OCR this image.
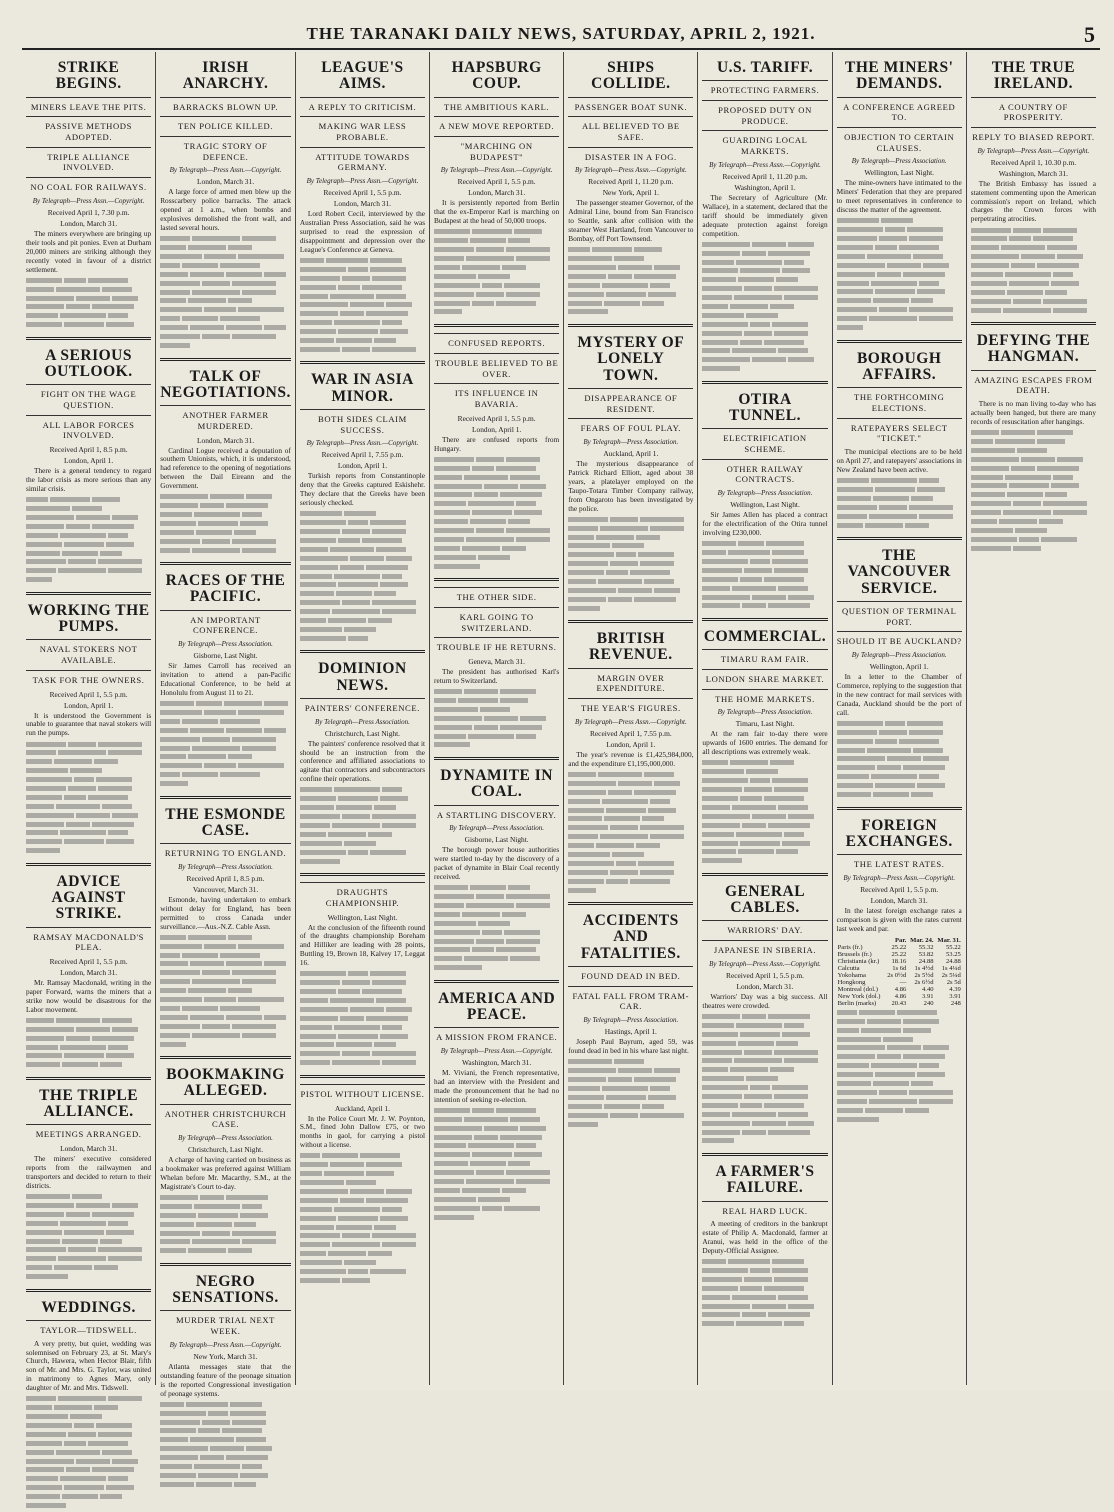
THE TARANAKI DAILY NEWS, SATURDAY, APRIL 2, 1921.	5
STRIKE BEGINS.
MINERS LEAVE THE PITS.
PASSIVE METHODS ADOPTED.
TRIPLE ALLIANCE INVOLVED.
NO COAL FOR RAILWAYS.
By Telegraph—Press Assn.—Copyright.
Received April 1, 7.30 p.m.
London, March 31.

The miners everywhere are bringing up their tools and pit ponies. Even at Durham 20,000 miners are striking although they recently voted in favour of a district settlement.

A SERIOUS OUTLOOK.
FIGHT ON THE WAGE QUESTION.
ALL LABOR FORCES INVOLVED.
Received April 1, 8.5 p.m.
London, April 1.

There is a general tendency to regard the labor crisis as more serious than any similar crisis.

WORKING THE PUMPS.
NAVAL STOKERS NOT AVAILABLE.
TASK FOR THE OWNERS.
Received April 1, 5.5 p.m.
London, April 1.

It is understood the Government is unable to guarantee that naval stokers will run the pumps.

ADVICE AGAINST STRIKE.
RAMSAY MACDONALD'S PLEA.
Received April 1, 5.5 p.m.
London, March 31.

Mr. Ramsay Macdonald, writing in the paper Forward, warns the miners that a strike now would be disastrous for the Labor movement.

THE TRIPLE ALLIANCE.
MEETINGS ARRANGED.
London, March 31.

The miners' executive considered reports from the railwaymen and transporters and decided to return to their districts.

WEDDINGS.
TAYLOR—TIDSWELL.

A very pretty, but quiet, wedding was solemnised on February 23, at St. Mary's Church, Hawera, when Hector Blair, fifth son of Mr. and Mrs. G. Taylor, was united in matrimony to Agnes Mary, only daughter of Mr. and Mrs. Tidswell.

IRISH ANARCHY.
BARRACKS BLOWN UP.
TEN POLICE KILLED.
TRAGIC STORY OF DEFENCE.
By Telegraph—Press Assn.—Copyright.
London, March 31.

A large force of armed men blew up the Rosscarbery police barracks. The attack opened at 1 a.m., when bombs and explosives demolished the front wall, and lasted several hours.

TALK OF NEGOTIATIONS.
ANOTHER FARMER MURDERED.
London, March 31.

Cardinal Logue received a deputation of southern Unionists, which, it is understood, had reference to the opening of negotiations between the Dail Eireann and the Government.

RACES OF THE PACIFIC.
AN IMPORTANT CONFERENCE.
By Telegraph—Press Association.
Gisborne, Last Night.

Sir James Carroll has received an invitation to attend a pan-Pacific Educational Conference, to be held at Honolulu from August 11 to 21.

THE ESMONDE CASE.
RETURNING TO ENGLAND.
By Telegraph—Press Association.
Received April 1, 8.5 p.m.
Vancouver, March 31.

Esmonde, having undertaken to embark without delay for England, has been permitted to cross Canada under surveillance.—Aus.-N.Z. Cable Assn.

BOOKMAKING ALLEGED.
ANOTHER CHRISTCHURCH CASE.
By Telegraph—Press Association.
Christchurch, Last Night.

A charge of having carried on business as a bookmaker was preferred against William Whelan before Mr. Macarthy, S.M., at the Magistrate's Court to-day.

NEGRO SENSATIONS.
MURDER TRIAL NEXT WEEK.
By Telegraph—Press Assn.—Copyright.
New York, March 31.

Atlanta messages state that the outstanding feature of the peonage situation is the reported Congressional investigation of peonage systems.

LEAGUE'S AIMS.
A REPLY TO CRITICISM.
MAKING WAR LESS PROBABLE.
ATTITUDE TOWARDS GERMANY.
By Telegraph—Press Assn.—Copyright.
Received April 1, 5.5 p.m.
London, March 31.

Lord Robert Cecil, interviewed by the Australian Press Association, said he was surprised to read the expression of disappointment and depression over the League's Conference at Geneva.

WAR IN ASIA MINOR.
BOTH SIDES CLAIM SUCCESS.
By Telegraph—Press Assn.—Copyright.
Received April 1, 7.55 p.m.
London, April 1.

Turkish reports from Constantinople deny that the Greeks captured Eskishehr. They declare that the Greeks have been seriously checked.

DOMINION NEWS.
PAINTERS' CONFERENCE.
By Telegraph—Press Association.
Christchurch, Last Night.

The painters' conference resolved that it should be an instruction from the conference and affiliated associations to agitate that contractors and subcontractors confine their operations.

DRAUGHTS CHAMPIONSHIP.
Wellington, Last Night.

At the conclusion of the fifteenth round of the draughts championship Boreham and Hilliker are leading with 28 points, Buttling 19, Brown 18, Kalvey 17, Leggat 16.

PISTOL WITHOUT LICENSE.
Auckland, April 1.

In the Police Court Mr. J. W. Poynton, S.M., fined John Dallow £75, or two months in gaol, for carrying a pistol without a license.

HAPSBURG COUP.
THE AMBITIOUS KARL.
A NEW MOVE REPORTED.
"MARCHING ON BUDAPEST"
By Telegraph—Press Assn.—Copyright.
Received April 1, 5.5 p.m.
London, March 31.

It is persistently reported from Berlin that the ex-Emperor Karl is marching on Budapest at the head of 50,000 troops.

CONFUSED REPORTS.
TROUBLE BELIEVED TO BE OVER.
ITS INFLUENCE IN BAVARIA.
Received April 1, 5.5 p.m.
London, April 1.

There are confused reports from Hungary.

THE OTHER SIDE.
KARL GOING TO SWITZERLAND.
TROUBLE IF HE RETURNS.
Geneva, March 31.

The president has authorised Karl's return to Switzerland.

DYNAMITE IN COAL.
A STARTLING DISCOVERY.
By Telegraph—Press Association.
Gisborne, Last Night.

The borough power house authorities were startled to-day by the discovery of a packet of dynamite in Blair Coal recently received.

AMERICA AND PEACE.
A MISSION FROM FRANCE.
By Telegraph—Press Assn.—Copyright.
Washington, March 31.

M. Viviani, the French representative, had an interview with the President and made the pronouncement that he had no intention of seeking re-election.

SHIPS COLLIDE.
PASSENGER BOAT SUNK.
ALL BELIEVED TO BE SAFE.
DISASTER IN A FOG.
By Telegraph—Press Assn.—Copyright.
Received April 1, 11.20 p.m.
New York, April 1.

The passenger steamer Governor, of the Admiral Line, bound from San Francisco to Seattle, sank after collision with the steamer West Hartland, from Vancouver to Bombay, off Port Townsend.

MYSTERY OF LONELY TOWN.
DISAPPEARANCE OF RESIDENT.
FEARS OF FOUL PLAY.
By Telegraph—Press Association.
Auckland, April 1.

The mysterious disappearance of Patrick Richard Elliott, aged about 38 years, a platelayer employed on the Taupo-Totara Timber Company railway, from Ongaroto has been investigated by the police.

BRITISH REVENUE.
MARGIN OVER EXPENDITURE.
THE YEAR'S FIGURES.
By Telegraph—Press Assn.—Copyright.
Received April 1, 7.55 p.m.
London, April 1.

The year's revenue is £1,425,984,000, and the expenditure £1,195,000,000.

ACCIDENTS AND FATALITIES.
FOUND DEAD IN BED.
FATAL FALL FROM TRAM-CAR.
By Telegraph—Press Association.
Hastings, April 1.

Joseph Paul Bayrum, aged 59, was found dead in bed in his whare last night.

U.S. TARIFF.
PROTECTING FARMERS.
PROPOSED DUTY ON PRODUCE.
GUARDING LOCAL MARKETS.
By Telegraph—Press Assn.—Copyright.
Received April 1, 11.20 p.m.
Washington, April 1.

The Secretary of Agriculture (Mr. Wallace), in a statement, declared that the tariff should be immediately given adequate protection against foreign competition.

OTIRA TUNNEL.
ELECTRIFICATION SCHEME.
OTHER RAILWAY CONTRACTS.
By Telegraph—Press Association.
Wellington, Last Night.

Sir James Allen has placed a contract for the electrification of the Otira tunnel involving £230,000.

COMMERCIAL.
TIMARU RAM FAIR.
LONDON SHARE MARKET.
THE HOME MARKETS.
By Telegraph—Press Association.
Timaru, Last Night.

At the ram fair to-day there were upwards of 1600 entries. The demand for all descriptions was extremely weak.

GENERAL CABLES.
WARRIORS' DAY.
JAPANESE IN SIBERIA.
By Telegraph—Press Assn.—Copyright.
Received April 1, 5.5 p.m.
London, March 31.

Warriors' Day was a big success. All theatres were crowded.

A FARMER'S FAILURE.
REAL HARD LUCK.

A meeting of creditors in the bankrupt estate of Philip A. Macdonald, farmer at Aranui, was held in the office of the Deputy-Official Assignee.

THE MINERS' DEMANDS.
A CONFERENCE AGREED TO.
OBJECTION TO CERTAIN CLAUSES.
By Telegraph—Press Association.
Wellington, Last Night.

The mine-owners have intimated to the Miners' Federation that they are prepared to meet representatives in conference to discuss the matter of the agreement.

BOROUGH AFFAIRS.
THE FORTHCOMING ELECTIONS.
RATEPAYERS SELECT "TICKET."

The municipal elections are to be held on April 27, and ratepayers' associations in New Zealand have been active.

THE VANCOUVER SERVICE.
QUESTION OF TERMINAL PORT.
SHOULD IT BE AUCKLAND?
By Telegraph—Press Association.
Wellington, April 1.

In a letter to the Chamber of Commerce, replying to the suggestion that in the new contract for mail services with Canada, Auckland should be the port of call.

FOREIGN EXCHANGES.
THE LATEST RATES.
By Telegraph—Press Assn.—Copyright.
Received April 1, 5.5 p.m.
London, March 31.

In the latest foreign exchange rates a comparison is given with the rates current last week and par.

	Par.	Mar. 24.	Mar. 31.
Paris (fr.)	25.22	55.32	55.22
Brussels (fr.)	25.22	53.82	53.25
Christiania (kr.)	18.16	24.88	24.88
Calcutta	1s 6d	1s 4½d	1s 4¼d
Yokohama	2s 0½d	2s 5½d	2s 5¼d
Hongkong	—	2s 6½d	2s 5d
Montreal (dol.)	4.86	4.40	4.39
New York (dol.)	4.86	3.91	3.91
Berlin (marks)	20.43	240	248
THE TRUE IRELAND.
A COUNTRY OF PROSPERITY.
REPLY TO BIASED REPORT.
By Telegraph—Press Assn.—Copyright.
Received April 1, 10.30 p.m.
Washington, March 31.

The British Embassy has issued a statement commenting upon the American commission's report on Ireland, which charges the Crown forces with perpetrating atrocities.

DEFYING THE HANGMAN.
AMAZING ESCAPES FROM DEATH.

There is no man living to-day who has actually been hanged, but there are many records of resuscitation after hangings.
